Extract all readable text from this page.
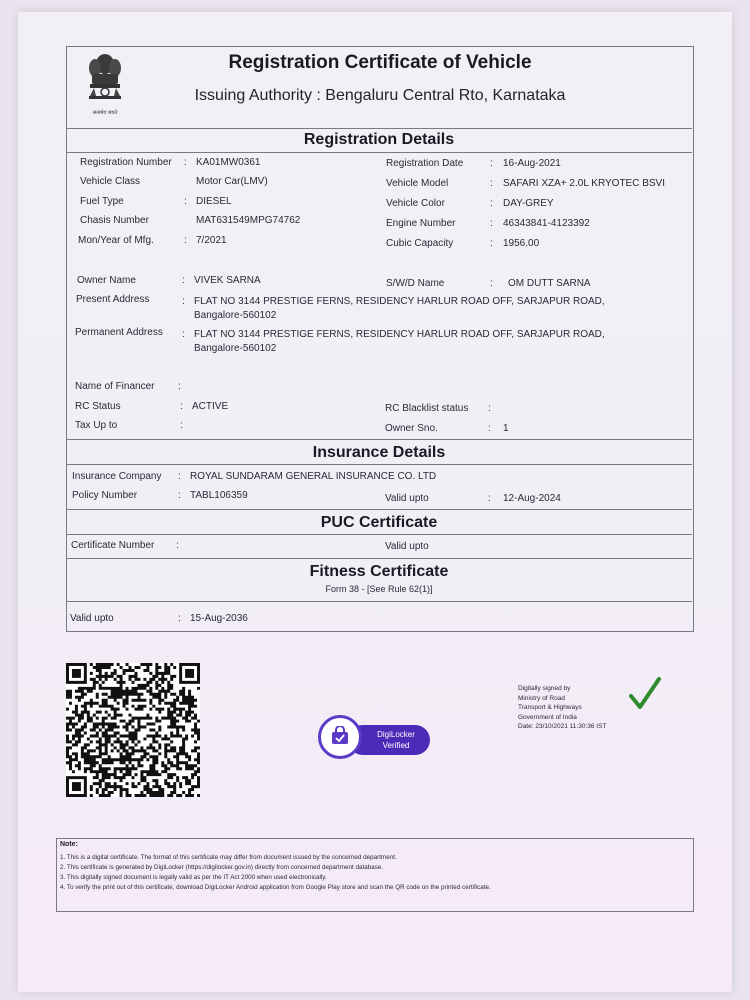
सत्यमेव जयते
Registration Certificate of Vehicle
Issuing Authority : Bengaluru Central Rto, Karnataka
Registration Details
Registration Number : KA01MW0361	Registration Date	:	16-Aug-2021
Vehicle Class	Motor Car(LMV)	Vehicle Model	:	SAFARI XZA+ 2.0L KRYOTEC BSVI
Fuel Type	: DIESEL	Vehicle Color	:	DAY-GREY
Chasis Number	MAT631549MPG74762	Engine Number	:	46343841-4123392
Mon/Year of Mfg.	: 7/2021	Cubic Capacity	:	1956.00
Owner Name	: VIVEK SARNA	S/W/D Name	:	OM DUTT SARNA
Present Address	: FLAT NO 3144 PRESTIGE FERNS, RESIDENCY HARLUR ROAD OFF, SARJAPUR ROAD,
Bangalore-560102
Permanent Address : FLAT NO 3144 PRESTIGE FERNS, RESIDENCY HARLUR ROAD OFF, SARJAPUR ROAD,
Bangalore-560102
Name of Financer :
RC Status	: ACTIVE	RC Blacklist status :
Tax Up to	:	Owner Sno.	:	1
Insurance Details
Insurance Company : ROYAL SUNDARAM GENERAL INSURANCE CO. LTD
Policy Number	: TABL106359	Valid upto	:	12-Aug-2024
PUC Certificate
Certificate Number :	Valid upto
Fitness Certificate
Form 38 - [See Rule 62(1)]
Valid upto	: 15-Aug-2036
DigiLocker
Verified
Digitally signed by
Ministry of Road
Transport & Highways
Government of India
Date: 23/10/2021 11:30:36 IST
Note:
1. This is a digital certificate. The format of this certificate may differ from document issued by the concerned department.
2. This certificate is generated by DigiLocker (https://digilocker.gov.in) directly from concerned department database.
3. This digitally signed document is legally valid as per the IT Act 2000 when used electronically.
4. To verify the print out of this certificate, download DigiLocker Android application from Google Play store and scan the QR code on the printed certificate.
